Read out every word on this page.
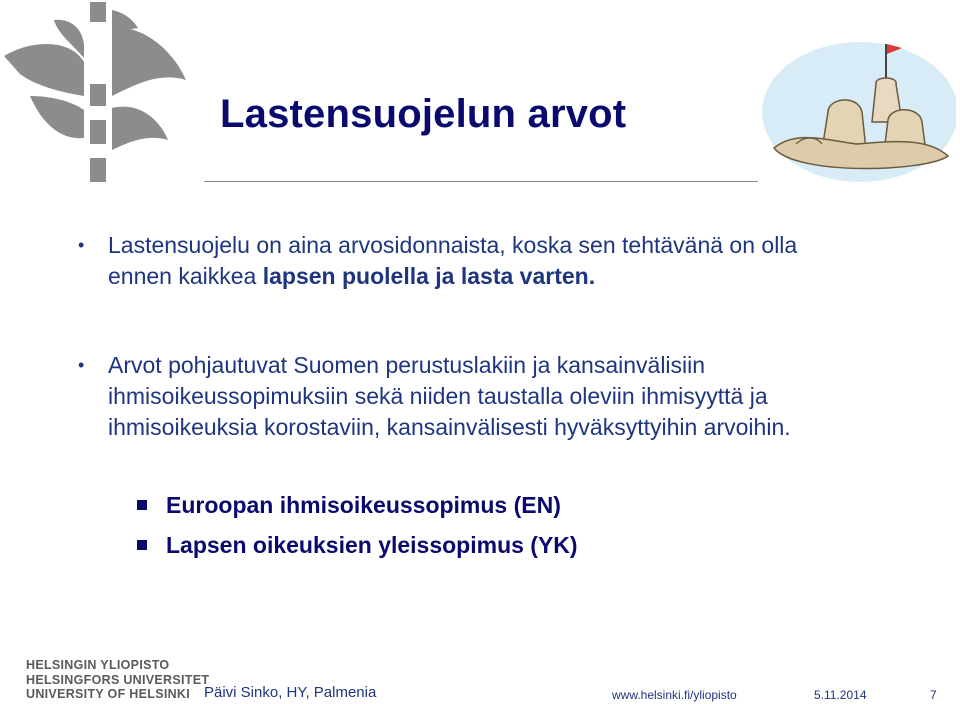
Lastensuojelun arvot
• Lastensuojelu on aina arvosidonnaista, koska sen tehtävänä on olla ennen kaikkea lapsen puolella ja lasta varten.
• Arvot pohjautuvat Suomen perustuslakiin ja kansainvälisiin ihmisoikeussopimuksiin sekä niiden taustalla oleviin ihmisyyttä ja ihmisoikeuksia korostaviin, kansainvälisesti hyväksyttyihin arvoihin.
Euroopan ihmisoikeussopimus (EN)
Lapsen oikeuksien yleissopimus (YK)
HELSINGIN YLIOPISTO
HELSINGFORS UNIVERSITET
UNIVERSITY OF HELSINKI Päivi Sinko, HY, Palmenia	www.helsinki.fi/yliopisto	5.11.2014	7
